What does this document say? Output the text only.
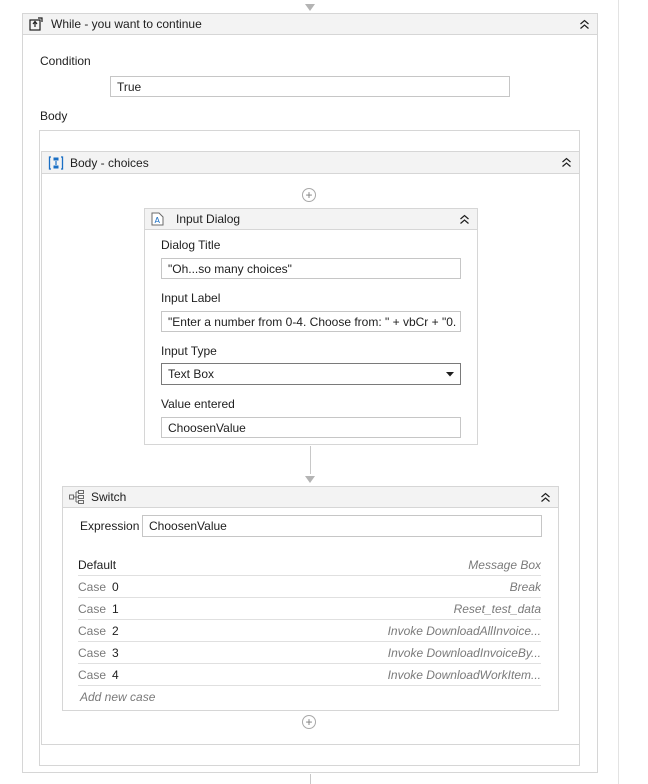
While - you want to continue
Condition
True
Body
Body - choices
+
A Input Dialog
Dialog Title
"Oh...so many choices"
Input Label
"Enter a number from 0-4. Choose from: " + vbCr + "0.
Input Type
Text Box
Value entered
ChoosenValue
Switch
Expression ChoosenValue
Default	Message Box
Case 0	Break
Case 1	Reset_test_data
Case 2	Invoke DownloadAllInvoice...
Case 3	Invoke DownloadInvoiceBy...
Case 4	Invoke DownloadWorkItem...
Add new case
+
